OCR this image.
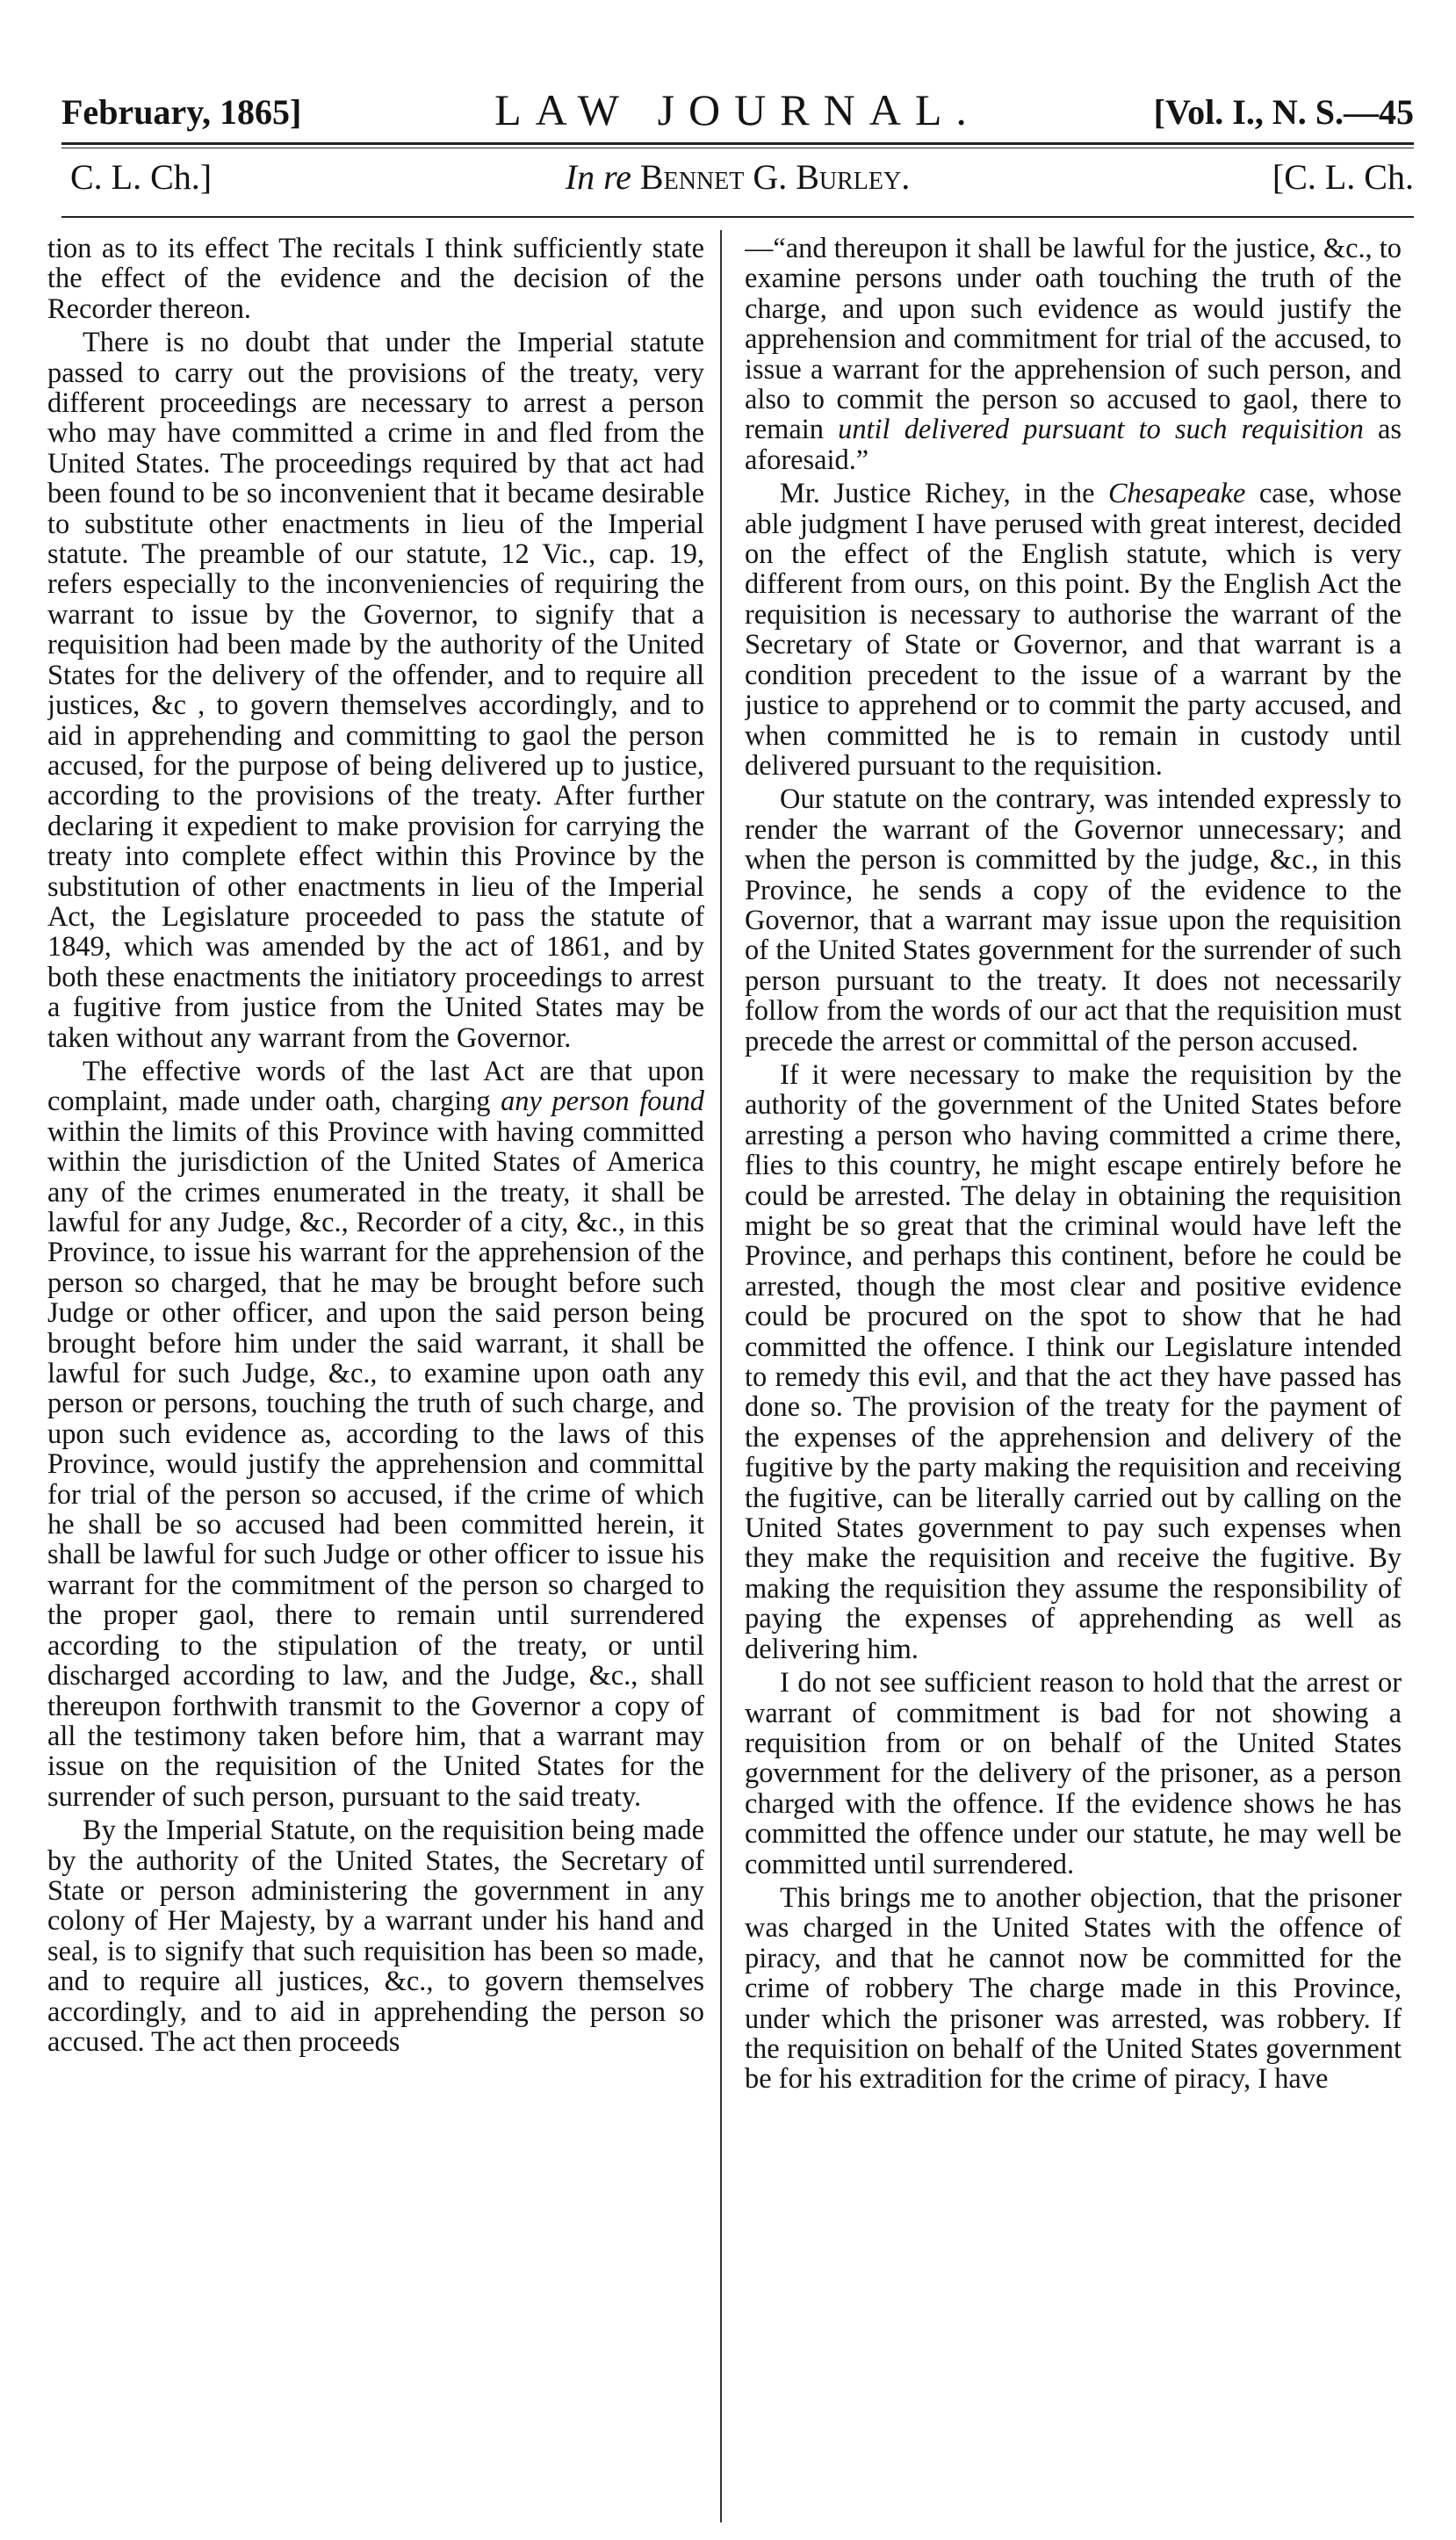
February, 1865]	LAW JOURNAL.	[Vol. I., N. S.—45
C. L. Ch.]	In re Bennet G. Burley.	[C. L. Ch.

tion as to its effect The recitals I think sufficiently state the effect of the evidence and the decision of the Recorder thereon.

There is no doubt that under the Imperial statute passed to carry out the provisions of the treaty, very different proceedings are necessary to arrest a person who may have committed a crime in and fled from the United States. The proceedings required by that act had been found to be so inconvenient that it became desirable to substitute other enactments in lieu of the Imperial statute. The preamble of our statute, 12 Vic., cap. 19, refers especially to the inconveniencies of requiring the warrant to issue by the Governor, to signify that a requisition had been made by the authority of the United States for the delivery of the offender, and to require all justices, &c , to govern themselves accordingly, and to aid in apprehending and committing to gaol the person accused, for the purpose of being delivered up to justice, according to the provisions of the treaty. After further declaring it expedient to make provision for carrying the treaty into complete effect within this Province by the substitution of other enactments in lieu of the Imperial Act, the Legislature proceeded to pass the statute of 1849, which was amended by the act of 1861, and by both these enactments the initiatory proceedings to arrest a fugitive from justice from the United States may be taken without any warrant from the Governor.

The effective words of the last Act are that upon complaint, made under oath, charging any person found within the limits of this Province with having committed within the jurisdiction of the United States of America any of the crimes enumerated in the treaty, it shall be lawful for any Judge, &c., Recorder of a city, &c., in this Province, to issue his warrant for the apprehension of the person so charged, that he may be brought before such Judge or other officer, and upon the said person being brought before him under the said warrant, it shall be lawful for such Judge, &c., to examine upon oath any person or persons, touching the truth of such charge, and upon such evidence as, according to the laws of this Province, would justify the apprehension and committal for trial of the person so accused, if the crime of which he shall be so accused had been committed herein, it shall be lawful for such Judge or other officer to issue his warrant for the commitment of the person so charged to the proper gaol, there to remain until surrendered according to the stipulation of the treaty, or until discharged according to law, and the Judge, &c., shall thereupon forthwith transmit to the Governor a copy of all the testimony taken before him, that a warrant may issue on the requisition of the United States for the surrender of such person, pursuant to the said treaty.

By the Imperial Statute, on the requisition being made by the authority of the United States, the Secretary of State or person administering the government in any colony of Her Majesty, by a warrant under his hand and seal, is to signify that such requisition has been so made, and to require all justices, &c., to govern themselves accordingly, and to aid in apprehending the person so accused. The act then proceeds

—“and thereupon it shall be lawful for the justice, &c., to examine persons under oath touching the truth of the charge, and upon such evidence as would justify the apprehension and commitment for trial of the accused, to issue a warrant for the apprehension of such person, and also to commit the person so accused to gaol, there to remain until delivered pursuant to such requisition as aforesaid.”

Mr. Justice Richey, in the Chesapeake case, whose able judgment I have perused with great interest, decided on the effect of the English statute, which is very different from ours, on this point. By the English Act the requisition is necessary to authorise the warrant of the Secretary of State or Governor, and that warrant is a condition precedent to the issue of a warrant by the justice to apprehend or to commit the party accused, and when committed he is to remain in custody until delivered pursuant to the requisition.

Our statute on the contrary, was intended expressly to render the warrant of the Governor unnecessary; and when the person is committed by the judge, &c., in this Province, he sends a copy of the evidence to the Governor, that a warrant may issue upon the requisition of the United States government for the surrender of such person pursuant to the treaty. It does not necessarily follow from the words of our act that the requisition must precede the arrest or committal of the person accused.

If it were necessary to make the requisition by the authority of the government of the United States before arresting a person who having committed a crime there, flies to this country, he might escape entirely before he could be arrested. The delay in obtaining the requisition might be so great that the criminal would have left the Province, and perhaps this continent, before he could be arrested, though the most clear and positive evidence could be procured on the spot to show that he had committed the offence. I think our Legislature intended to remedy this evil, and that the act they have passed has done so. The provision of the treaty for the payment of the expenses of the apprehension and delivery of the fugitive by the party making the requisition and receiving the fugitive, can be literally carried out by calling on the United States government to pay such expenses when they make the requisition and receive the fugitive. By making the requisition they assume the responsibility of paying the expenses of apprehending as well as delivering him.

I do not see sufficient reason to hold that the arrest or warrant of commitment is bad for not showing a requisition from or on behalf of the United States government for the delivery of the prisoner, as a person charged with the offence. If the evidence shows he has committed the offence under our statute, he may well be committed until surrendered.

This brings me to another objection, that the prisoner was charged in the United States with the offence of piracy, and that he cannot now be committed for the crime of robbery The charge made in this Province, under which the prisoner was arrested, was robbery. If the requisition on behalf of the United States government be for his extradition for the crime of piracy, I have
